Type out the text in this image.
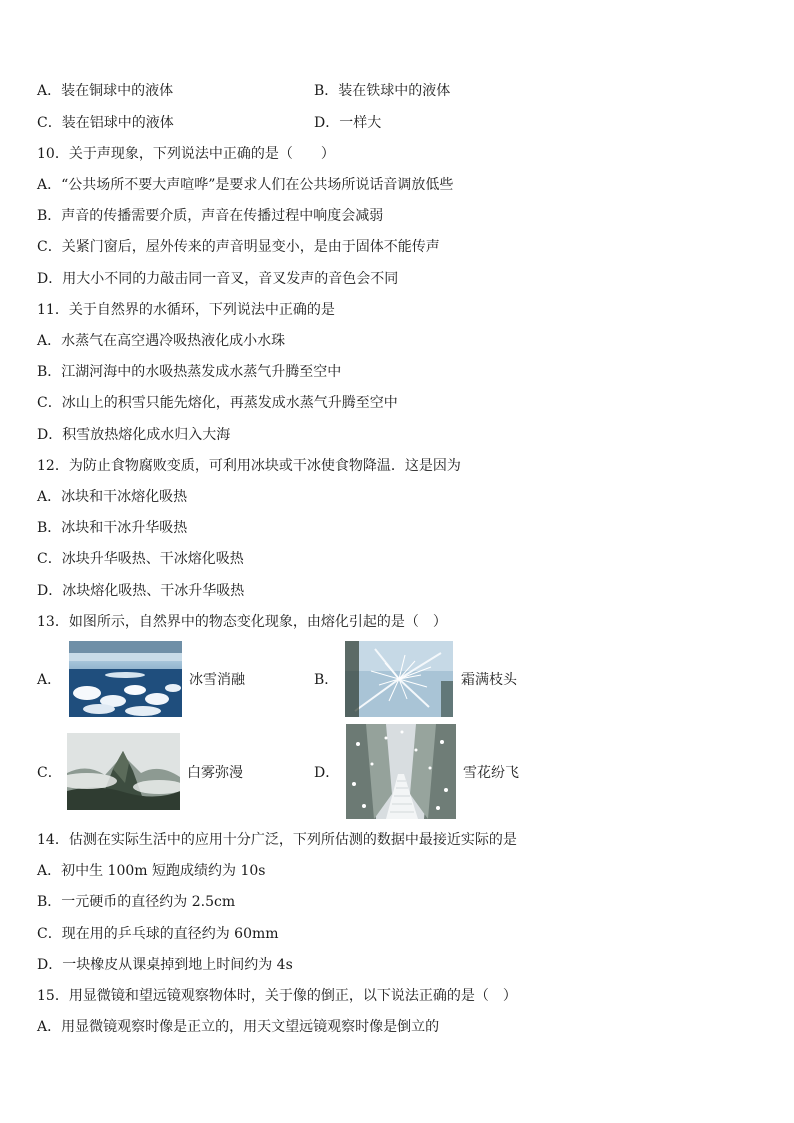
A．装在铜球中的液体	B．装在铁球中的液体
C．装在铝球中的液体	D．一样大
10．关于声现象，下列说法中正确的是（　　）
A．“公共场所不要大声喧哗”是要求人们在公共场所说话音调放低些
B．声音的传播需要介质，声音在传播过程中响度会减弱
C．关紧门窗后，屋外传来的声音明显变小，是由于固体不能传声
D．用大小不同的力敲击同一音叉，音叉发声的音色会不同
11．关于自然界的水循环，下列说法中正确的是
A．水蒸气在高空遇冷吸热液化成小水珠
B．江湖河海中的水吸热蒸发成水蒸气升腾至空中
C．冰山上的积雪只能先熔化，再蒸发成水蒸气升腾至空中
D．积雪放热熔化成水归入大海
12．为防止食物腐败变质，可利用冰块或干冰使食物降温．这是因为
A．冰块和干冰熔化吸热
B．冰块和干冰升华吸热
C．冰块升华吸热、干冰熔化吸热
D．冰块熔化吸热、干冰升华吸热
13．如图所示，自然界中的物态变化现象，由熔化引起的是（　）
A．	冰雪消融	B．	霜满枝头
C．	白雾弥漫	D．	雪花纷飞
14．估测在实际生活中的应用十分广泛，下列所估测的数据中最接近实际的是
A．初中生 100m 短跑成绩约为 10s
B．一元硬币的直径约为 2.5cm
C．现在用的乒乓球的直径约为 60mm
D．一块橡皮从课桌掉到地上时间约为 4s
15．用显微镜和望远镜观察物体时，关于像的倒正，以下说法正确的是（　）
A．用显微镜观察时像是正立的，用天文望远镜观察时像是倒立的
